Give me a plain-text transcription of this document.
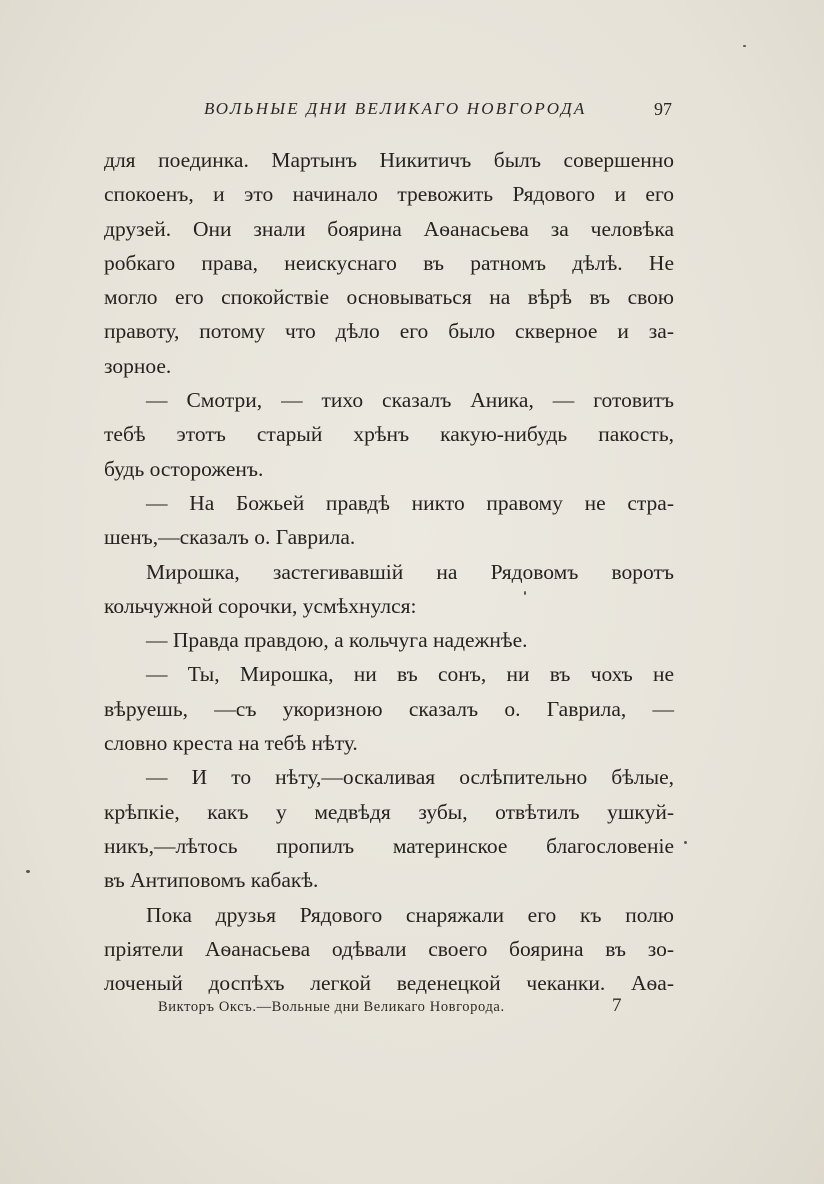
ВОЛЬНЫЕ ДНИ ВЕЛИКАГО НОВГОРОДА	97
для поединка. Мартынъ Никитичъ былъ совершенно
спокоенъ, и это начинало тревожить Рядового и его
друзей. Они знали боярина Аѳанасьева за человѣка
робкаго права, неискуснаго въ ратномъ дѣлѣ. Не
могло его спокойствіе основываться на вѣрѣ въ свою
правоту, потому что дѣло его было скверное и за-
зорное.
— Смотри, — тихо сказалъ Аника, — готовитъ
тебѣ этотъ старый хрѣнъ какую-нибудь пакость,
будь остороженъ.
— На Божьей правдѣ никто правому не стра-
шенъ,—сказалъ о. Гаврила.
Мирошка, застегивавшій на Рядовомъ воротъ
кольчужной сорочки, усмѣхнулся:
— Правда правдою, а кольчуга надежнѣе.
— Ты, Мирошка, ни въ сонъ, ни въ чохъ не
вѣруешь, —съ укоризною сказалъ о. Гаврила, —
словно креста на тебѣ нѣту.
— И то нѣту,—оскаливая ослѣпительно бѣлые,
крѣпкіе, какъ у медвѣдя зубы, отвѣтилъ ушкуй-
никъ,—лѣтось пропилъ материнское благословеніе
въ Антиповомъ кабакѣ.
Пока друзья Рядового снаряжали его къ полю
пріятели Аѳанасьева одѣвали своего боярина въ зо-
лоченый доспѣхъ легкой веденецкой чеканки. Аѳа-
Викторъ Оксъ.—Вольные дни Великаго Новгорода.	7
